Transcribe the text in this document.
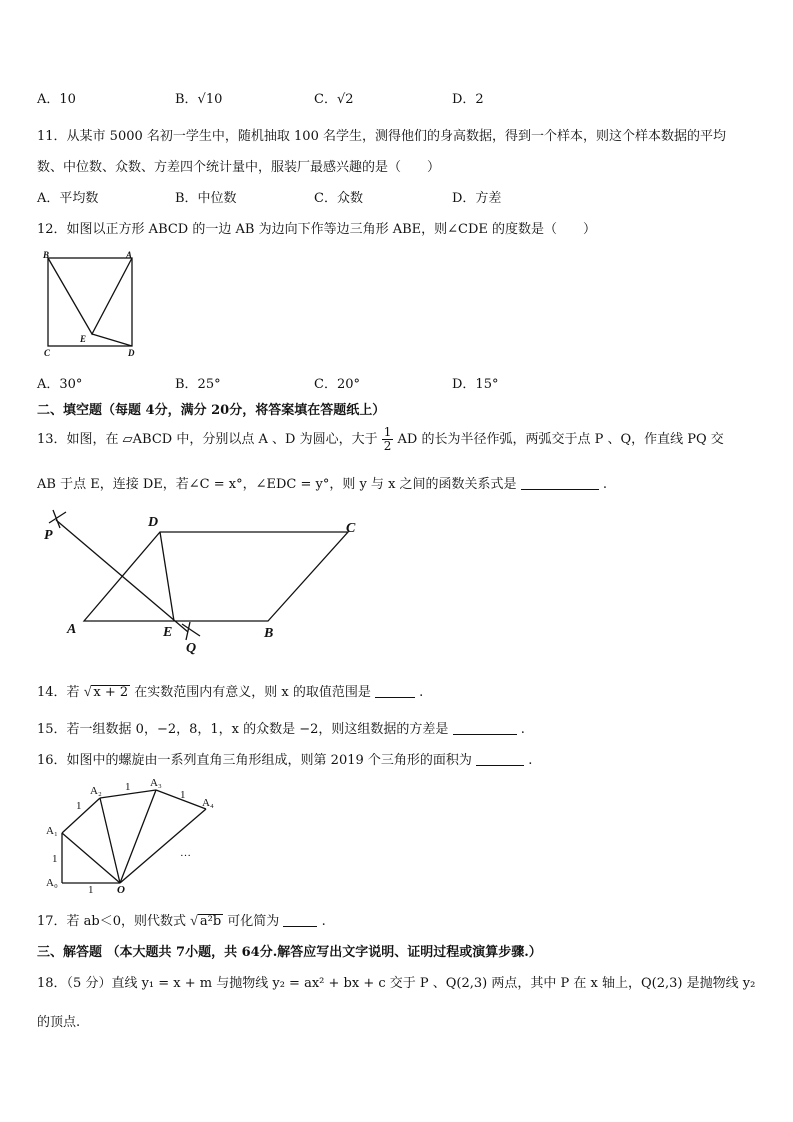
A．10	B．√10	C．√2	D．2
11．从某市 5000 名初一学生中，随机抽取 100 名学生，测得他们的身高数据，得到一个样本，则这个样本数据的平均
数、中位数、众数、方差四个统计量中，服装厂最感兴趣的是（　　）
A．平均数	B．中位数	C．众数	D．方差
12．如图以正方形 ABCD 的一边 AB 为边向下作等边三角形 ABE，则∠CDE 的度数是（　　）
B	A
C	D
E
A．30°	B．25°	C．20°	D．15°
二、填空题（每题 4分，满分 20分，将答案填在答题纸上）
13．如图，在 ▱ABCD 中，分别以点 A 、D 为圆心，大于 $\frac{1}{2}$ AD 的长为半径作弧，两弧交于点 P 、Q，作直线 PQ 交
AB 于点 E，连接 DE，若∠C = x°，∠EDC = y°，则 y 与 x 之间的函数关系式是	.
P
D	C
A	E	B
Q
14．若 √ x + 2 在实数范围内有意义，则 x 的取值范围是	.
15．若一组数据 0，−2，8，1，x 的众数是 −2，则这组数据的方差是	.
16．如图中的螺旋由一系列直角三角形组成，则第 2019 个三角形的面积为	.
A₀
A₁
A₂
A₃
A₄
O
1
1
1
1
1
…
17．若 ab＜0，则代数式 √ a²b 可化简为	.
三、解答题 （本大题共 7小题，共 64分.解答应写出文字说明、证明过程或演算步骤.）
18．（5 分）直线 y₁ = x + m 与抛物线 y₂ = ax² + bx + c 交于 P 、Q(2,3) 两点，其中 P 在 x 轴上，Q(2,3) 是抛物线 y₂
的顶点.
